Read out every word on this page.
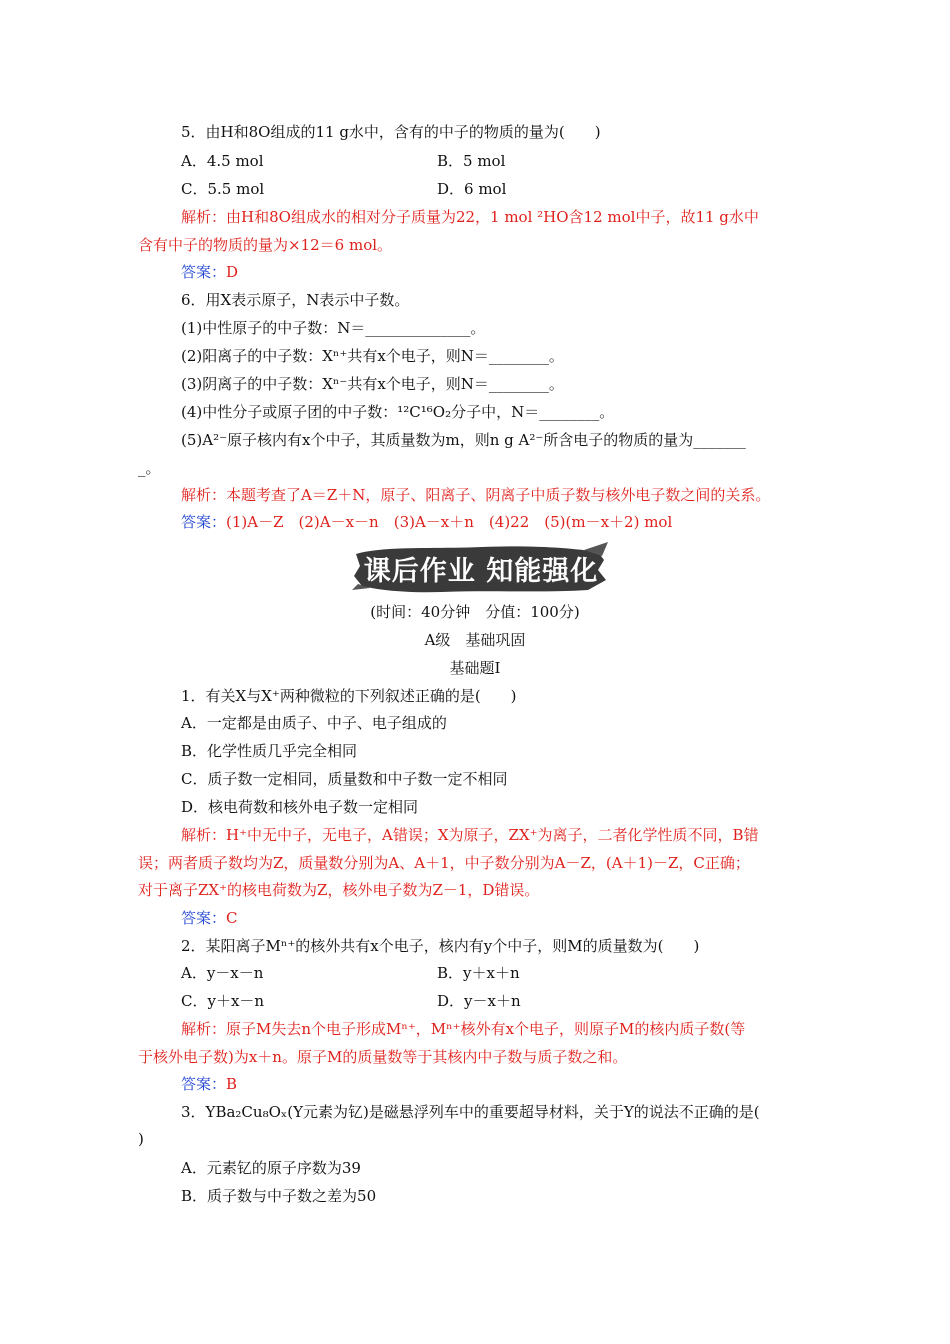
5．由H和8O组成的11 g水中，含有的中子的物质的量为(　　)
A．4.5 mol	B．5 mol
C．5.5 mol	D．6 mol
解析：由H和8O组成水的相对分子质量为22，1 mol ²HO含12 mol中子，故11 g水中
含有中子的物质的量为×12＝6 mol。
答案：D
6．用X表示原子，N表示中子数。
(1)中性原子的中子数：N＝______________。
(2)阳离子的中子数：Xⁿ⁺共有x个电子，则N＝________。
(3)阴离子的中子数：Xⁿ⁻共有x个电子，则N＝________。
(4)中性分子或原子团的中子数：¹²C¹⁶O₂分子中，N＝________。
(5)A²⁻原子核内有x个中子，其质量数为m，则n g A²⁻所含电子的物质的量为_______
_。
解析：本题考查了A＝Z＋N，原子、阳离子、阴离子中质子数与核外电子数之间的关系。
答案：(1)A－Z　(2)A－x－n　(3)A－x＋n　(4)22　(5)(m－x＋2) mol
课后作业 知能强化
(时间：40分钟　分值：100分)
A级　基础巩固
基础题Ⅰ
1．有关X与X⁺两种微粒的下列叙述正确的是(　　)
A．一定都是由质子、中子、电子组成的
B．化学性质几乎完全相同
C．质子数一定相同，质量数和中子数一定不相同
D．核电荷数和核外电子数一定相同
解析：H⁺中无中子，无电子，A错误；X为原子，ZX⁺为离子，二者化学性质不同，B错
误；两者质子数均为Z，质量数分别为A、A＋1，中子数分别为A－Z，(A＋1)－Z，C正确；
对于离子ZX⁺的核电荷数为Z，核外电子数为Z－1，D错误。
答案：C
2．某阳离子Mⁿ⁺的核外共有x个电子，核内有y个中子，则M的质量数为(　　)
A．y－x－n	B．y＋x＋n
C．y＋x－n	D．y－x＋n
解析：原子M失去n个电子形成Mⁿ⁺，Mⁿ⁺核外有x个电子，则原子M的核内质子数(等
于核外电子数)为x＋n。原子M的质量数等于其核内中子数与质子数之和。
答案：B
3．YBa₂Cu₈Oₓ(Y元素为钇)是磁悬浮列车中的重要超导材料，关于Y的说法不正确的是(
)
A．元素钇的原子序数为39
B．质子数与中子数之差为50
